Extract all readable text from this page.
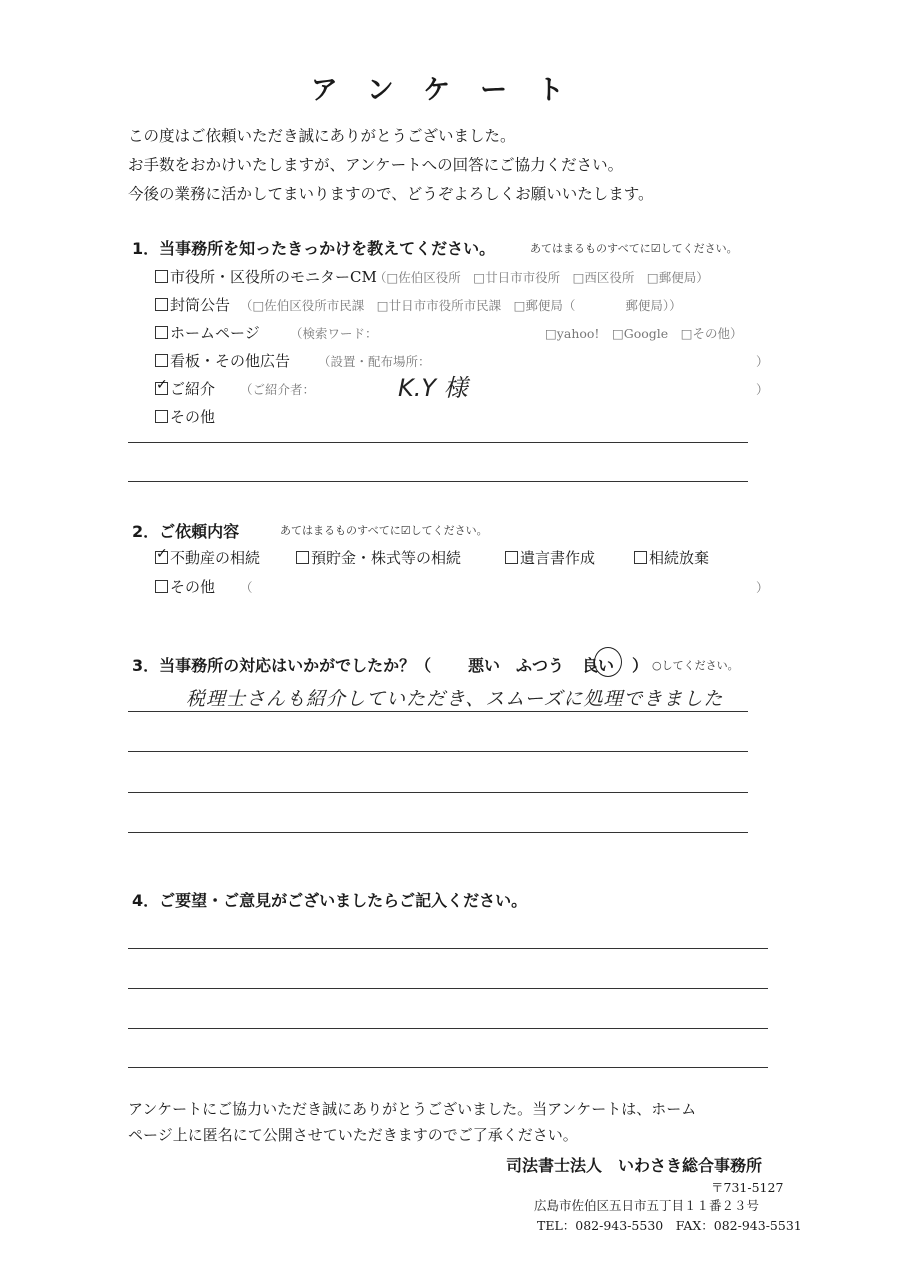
アンケート
この度はご依頼いただき誠にありがとうございました。
お手数をおかけいたしますが、アンケートへの回答にご協力ください。
今後の業務に活かしてまいりますので、どうぞよろしくお願いいたします。
1．当事務所を知ったきっかけを教えてください。	あてはまるものすべてに☑してください。
市役所・区役所のモニターCM
（□佐伯区役所　□廿日市市役所　□西区役所　□郵便局）
封筒公告 （□佐伯区役所市民課　□廿日市市役所市民課　□郵便局（　　　　郵便局））
ホームページ （検索ワード：	□yahoo!　□Google　□その他）
看板・その他広告 （設置・配布場所：	）
✓ご紹介 （ご紹介者：	K.Y 様	）
その他
2．ご依頼内容	あてはまるものすべてに☑してください。
✓不動産の相続	預貯金・株式等の相続	遺言書作成	相続放棄
その他 （	）
3．当事務所の対応はいかがでしたか？（ 悪い ふつう 良い ） ○してください。
税理士さんも紹介していただき、スムーズに処理できました
4．ご要望・ご意見がございましたらご記入ください。
アンケートにご協力いただき誠にありがとうございました。当アンケートは、ホーム
ページ上に匿名にて公開させていただきますのでご了承ください。
司法書士法人　いわさき総合事務所
〒731-5127
広島市佐伯区五日市五丁目１１番２３号
TEL：082-943-5530　FAX：082-943-5531
